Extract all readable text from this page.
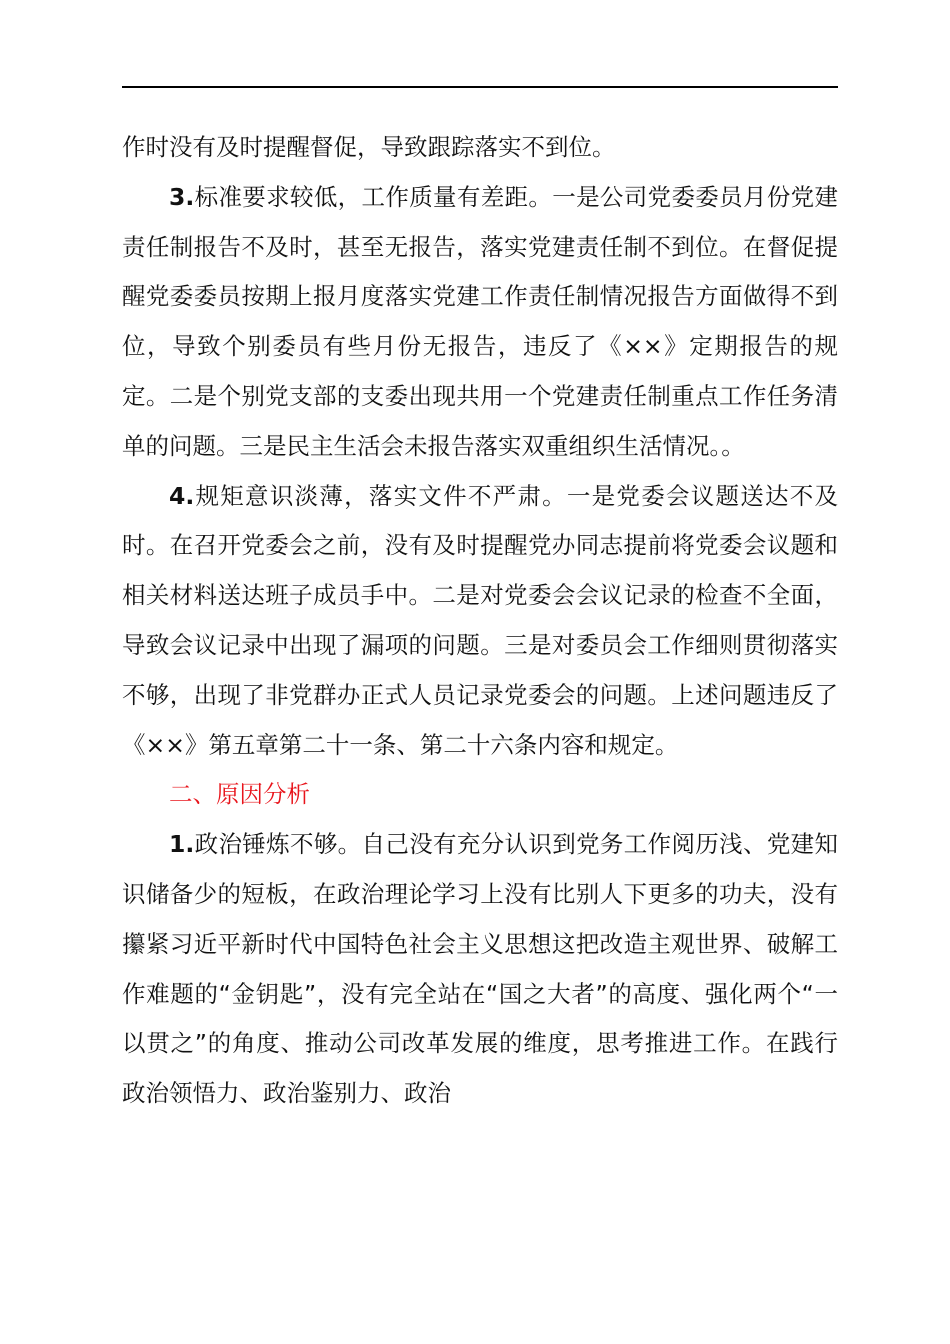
作时没有及时提醒督促，导致跟踪落实不到位。

3.标准要求较低，工作质量有差距。一是公司党委委员月份党建责任制报告不及时，甚至无报告，落实党建责任制不到位。在督促提醒党委委员按期上报月度落实党建工作责任制情况报告方面做得不到位，导致个别委员有些月份无报告，违反了《××》定期报告的规定。二是个别党支部的支委出现共用一个党建责任制重点工作任务清单的问题。三是民主生活会未报告落实双重组织生活情况。。

4.规矩意识淡薄，落实文件不严肃。一是党委会议题送达不及时。在召开党委会之前，没有及时提醒党办同志提前将党委会议题和相关材料送达班子成员手中。二是对党委会会议记录的检查不全面，导致会议记录中出现了漏项的问题。三是对委员会工作细则贯彻落实不够，出现了非党群办正式人员记录党委会的问题。上述问题违反了《××》第五章第二十一条、第二十六条内容和规定。

二、原因分析

1.政治锤炼不够。自己没有充分认识到党务工作阅历浅、党建知识储备少的短板，在政治理论学习上没有比别人下更多的功夫，没有攥紧习近平新时代中国特色社会主义思想这把改造主观世界、破解工作难题的“金钥匙”，没有完全站在“国之大者”的高度、强化两个“一以贯之”的角度、推动公司改革发展的维度，思考推进工作。在践行政治领悟力、政治鉴别力、政治
